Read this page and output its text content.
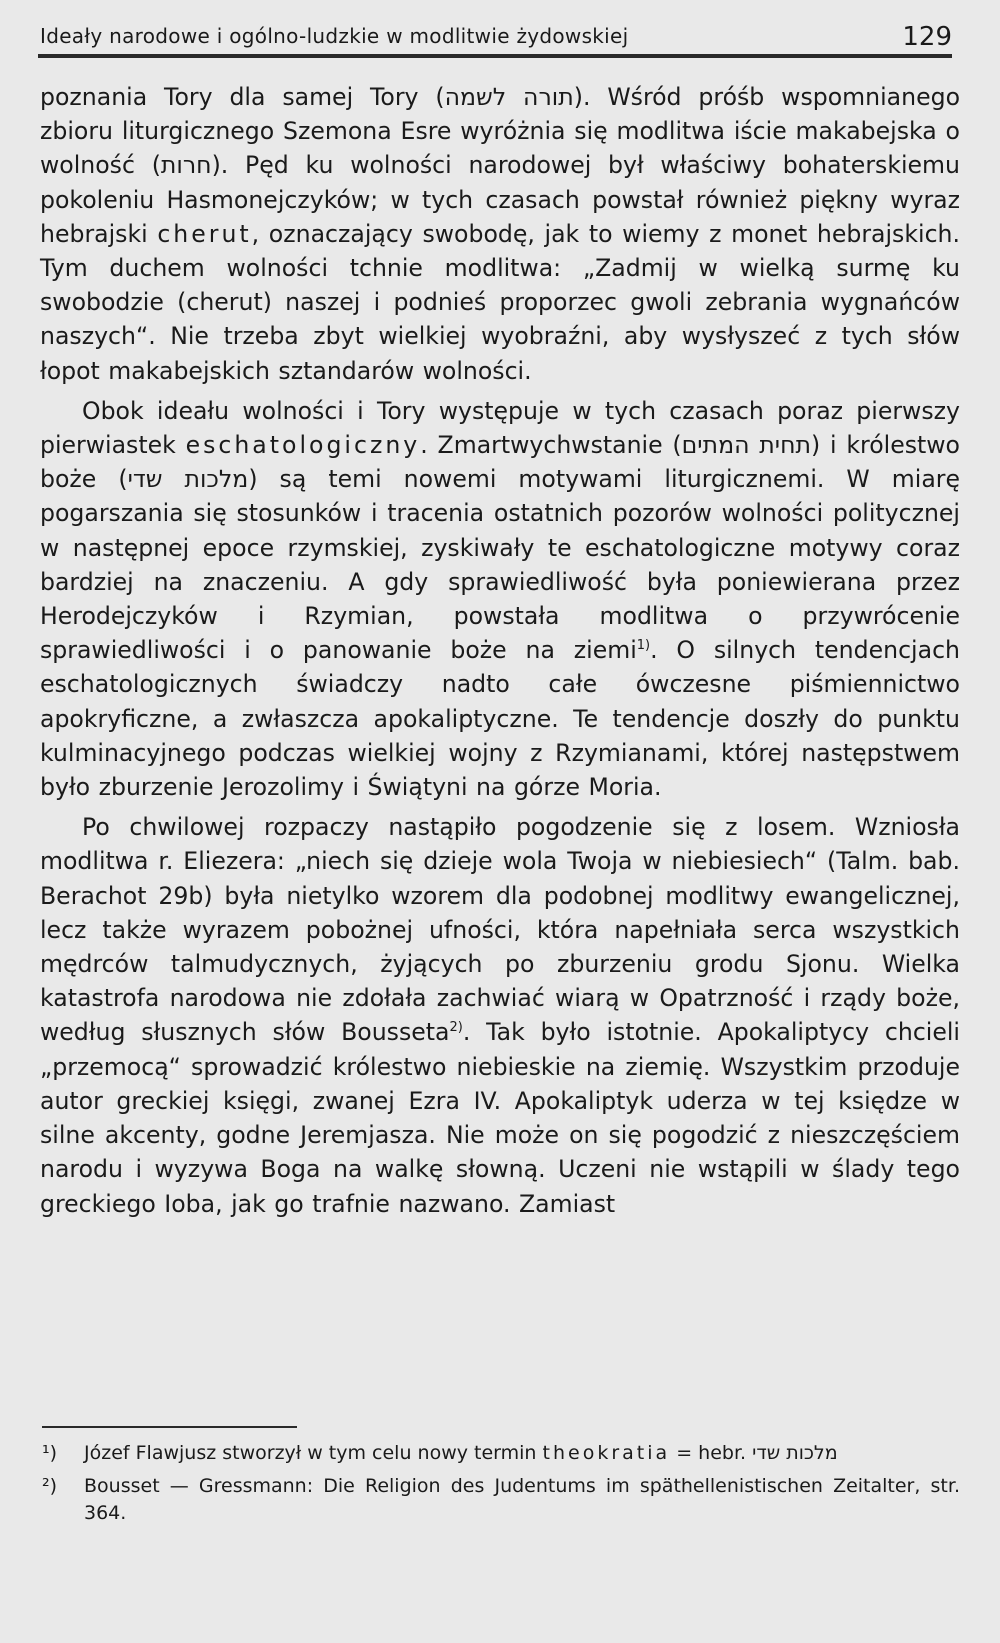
Ideały narodowe i ogólno-ludzkie w modlitwie żydowskiej	129

poznania Tory dla samej Tory (תורה לשמה). Wśród próśb wspomnianego zbioru liturgicznego Szemona Esre wyróżnia się modlitwa iście makabejska o wolność (חרות). Pęd ku wolności narodowej był właściwy bohaterskiemu pokoleniu Hasmonejczyków; w tych czasach powstał również piękny wyraz hebrajski cherut, oznaczający swobodę, jak to wiemy z monet hebrajskich. Tym duchem wolności tchnie modlitwa: „Zadmij w wielką surmę ku swobodzie (cherut) naszej i podnieś proporzec gwoli zebrania wygnańców naszych“. Nie trzeba zbyt wielkiej wyobraźni, aby wysłyszeć z tych słów łopot makabejskich sztandarów wolności.

Obok ideału wolności i Tory występuje w tych czasach poraz pierwszy pierwiastek eschatologiczny. Zmartwychwstanie (תחית המתים) i królestwo boże (מלכות שדי) są temi nowemi motywami liturgicznemi. W miarę pogarszania się stosunków i tracenia ostatnich pozorów wolności politycznej w następnej epoce rzymskiej, zyskiwały te eschatologiczne motywy coraz bardziej na znaczeniu. A gdy sprawiedliwość była poniewierana przez Herodejczyków i Rzymian, powstała modlitwa o przywrócenie sprawiedliwości i o panowanie boże na ziemi$^{1)}$. O silnych tendencjach eschatologicznych świadczy nadto całe ówczesne piśmiennictwo apokryficzne, a zwłaszcza apokaliptyczne. Te tendencje doszły do punktu kulminacyjnego podczas wielkiej wojny z Rzymianami, której następstwem było zburzenie Jerozolimy i Świątyni na górze Moria.

Po chwilowej rozpaczy nastąpiło pogodzenie się z losem. Wzniosła modlitwa r. Eliezera: „niech się dzieje wola Twoja w niebiesiech“ (Talm. bab. Berachot 29b) była nietylko wzorem dla podobnej modlitwy ewangelicznej, lecz także wyrazem pobożnej ufności, która napełniała serca wszystkich mędrców talmudycznych, żyjących po zburzeniu grodu Sjonu. Wielka katastrofa narodowa nie zdołała zachwiać wiarą w Opatrzność i rządy boże, według słusznych słów Bousseta$^{2)}$. Tak było istotnie. Apokaliptycy chcieli „przemocą“ sprowadzić królestwo niebieskie na ziemię. Wszystkim przoduje autor greckiej księgi, zwanej Ezra IV. Apokaliptyk uderza w tej księdze w silne akcenty, godne Jeremjasza. Nie może on się pogodzić z nieszczęściem narodu i wyzywa Boga na walkę słowną. Uczeni nie wstąpili w ślady tego greckiego Ioba, jak go trafnie nazwano. Zamiast

¹)	Józef Flawjusz stworzył w tym celu nowy termin theokratia = hebr. מלכות שדי
²)	Bousset — Gressmann: Die Religion des Judentums im späthellenistischen Zeitalter, str. 364.
